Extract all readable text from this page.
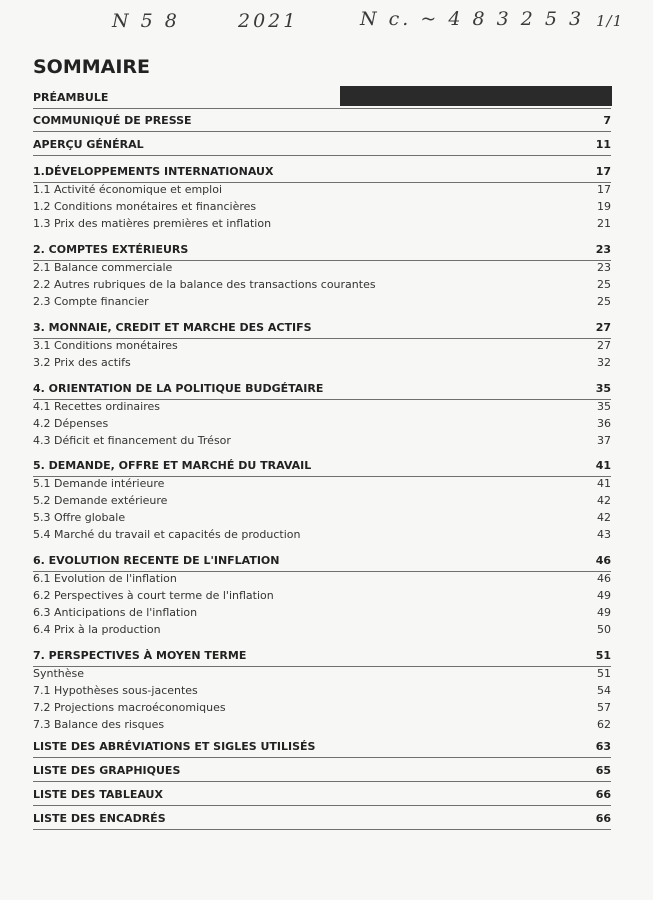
N 5 8	2021	N c. ~ 4 8 3 2 5 3 1/1
SOMMAIRE
PRÉAMBULE
COMMUNIQUÉ DE PRESSE	7
APERÇU GÉNÉRAL	11
1.DÉVELOPPEMENTS INTERNATIONAUX	17
1.1 Activité économique et emploi	17
1.2 Conditions monétaires et financières	19
1.3 Prix des matières premières et inflation	21
2. COMPTES EXTÉRIEURS	23
2.1 Balance commerciale	23
2.2 Autres rubriques de la balance des transactions courantes	25
2.3 Compte financier	25
3. MONNAIE, CREDIT ET MARCHE DES ACTIFS	27
3.1 Conditions monétaires	27
3.2 Prix des actifs	32
4. ORIENTATION DE LA POLITIQUE BUDGÉTAIRE	35
4.1 Recettes ordinaires	35
4.2 Dépenses	36
4.3 Déficit et financement du Trésor	37
5. DEMANDE, OFFRE ET MARCHÉ DU TRAVAIL	41
5.1 Demande intérieure	41
5.2 Demande extérieure	42
5.3 Offre globale	42
5.4 Marché du travail et capacités de production	43
6. EVOLUTION RECENTE DE L'INFLATION	46
6.1 Evolution de l'inflation	46
6.2 Perspectives à court terme de l'inflation	49
6.3 Anticipations de l'inflation	49
6.4 Prix à la production	50
7. PERSPECTIVES À MOYEN TERME	51
Synthèse	51
7.1 Hypothèses sous-jacentes	54
7.2 Projections macroéconomiques	57
7.3 Balance des risques	62
LISTE DES ABRÉVIATIONS ET SIGLES UTILISÉS	63
LISTE DES GRAPHIQUES	65
LISTE DES TABLEAUX	66
LISTE DES ENCADRÉS	66
